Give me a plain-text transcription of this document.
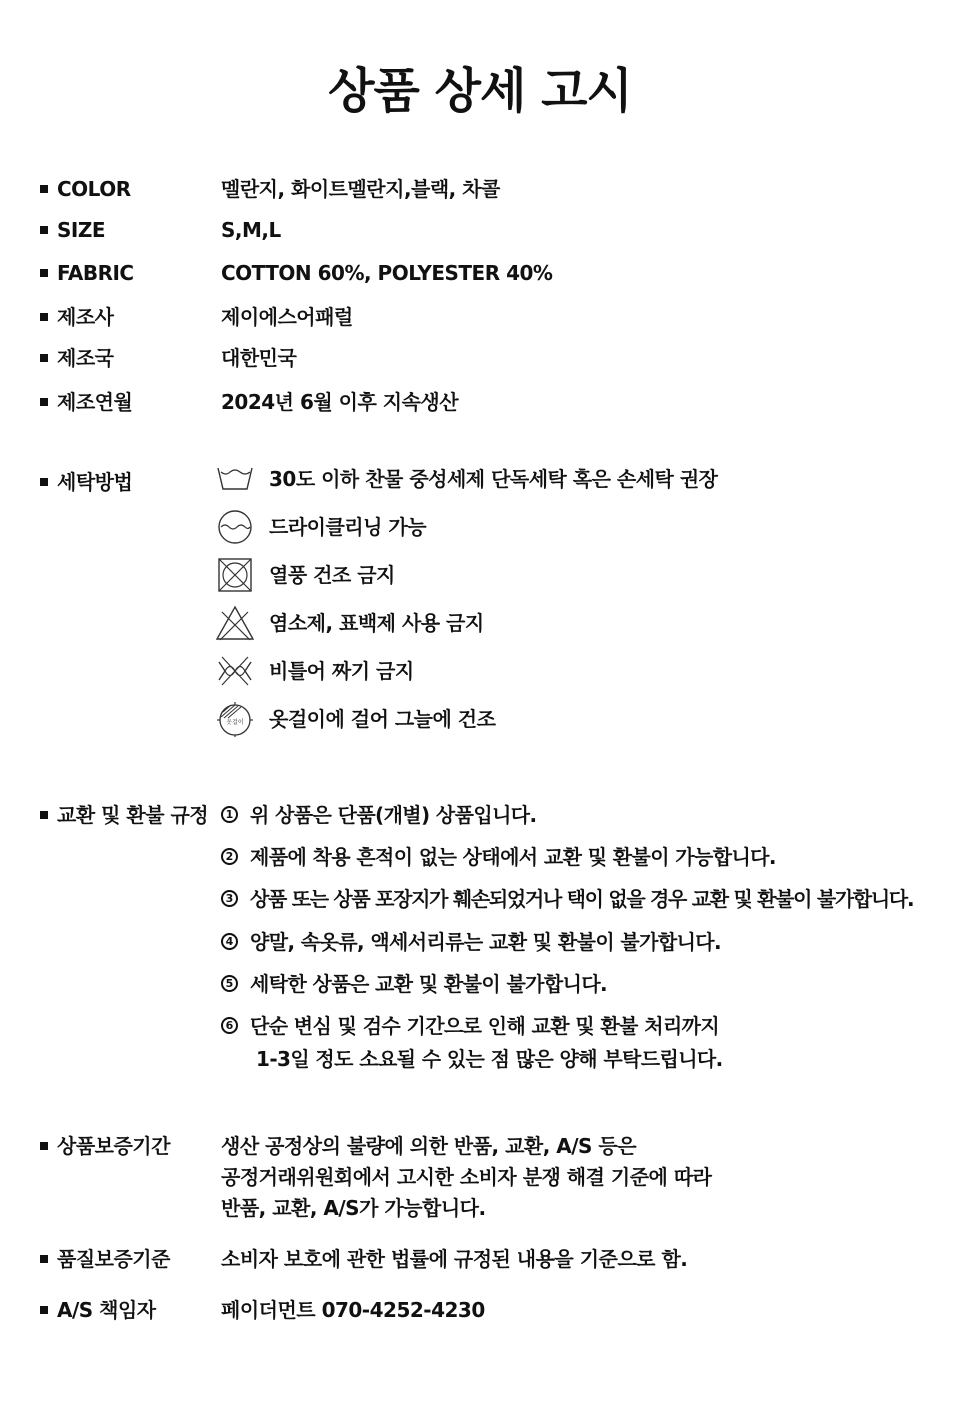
상품 상세 고시
COLOR	멜란지, 화이트멜란지,블랙, 차콜
SIZE	S,M,L
FABRIC	COTTON 60%, POLYESTER 40%
제조사	제이에스어패럴
제조국	대한민국
제조연월	2024년 6월 이후 지속생산
세탁방법	30도 이하 찬물 중성세제 단독세탁 혹은 손세탁 권장
드라이클리닝 가능
열풍 건조 금지
염소제, 표백제 사용 금지
비틀어 짜기 금지
옷걸이 옷걸이에 걸어 그늘에 건조
교환 및 환불 규정	1 위 상품은 단품(개별) 상품입니다.
2 제품에 착용 흔적이 없는 상태에서 교환 및 환불이 가능합니다.
3 상품 또는 상품 포장지가 훼손되었거나 택이 없을 경우 교환 및 환불이 불가합니다.
4 양말, 속옷류, 액세서리류는 교환 및 환불이 불가합니다.
5 세탁한 상품은 교환 및 환불이 불가합니다.
6 단순 변심 및 검수 기간으로 인해 교환 및 환불 처리까지
1-3일 정도 소요될 수 있는 점 많은 양해 부탁드립니다.
상품보증기간	생산 공정상의 불량에 의한 반품, 교환, A/S 등은
공정거래위원회에서 고시한 소비자 분쟁 해결 기준에 따라
반품, 교환, A/S가 가능합니다.
품질보증기준	소비자 보호에 관한 법률에 규정된 내용을 기준으로 함.
A/S 책임자	페이더먼트 070-4252-4230
